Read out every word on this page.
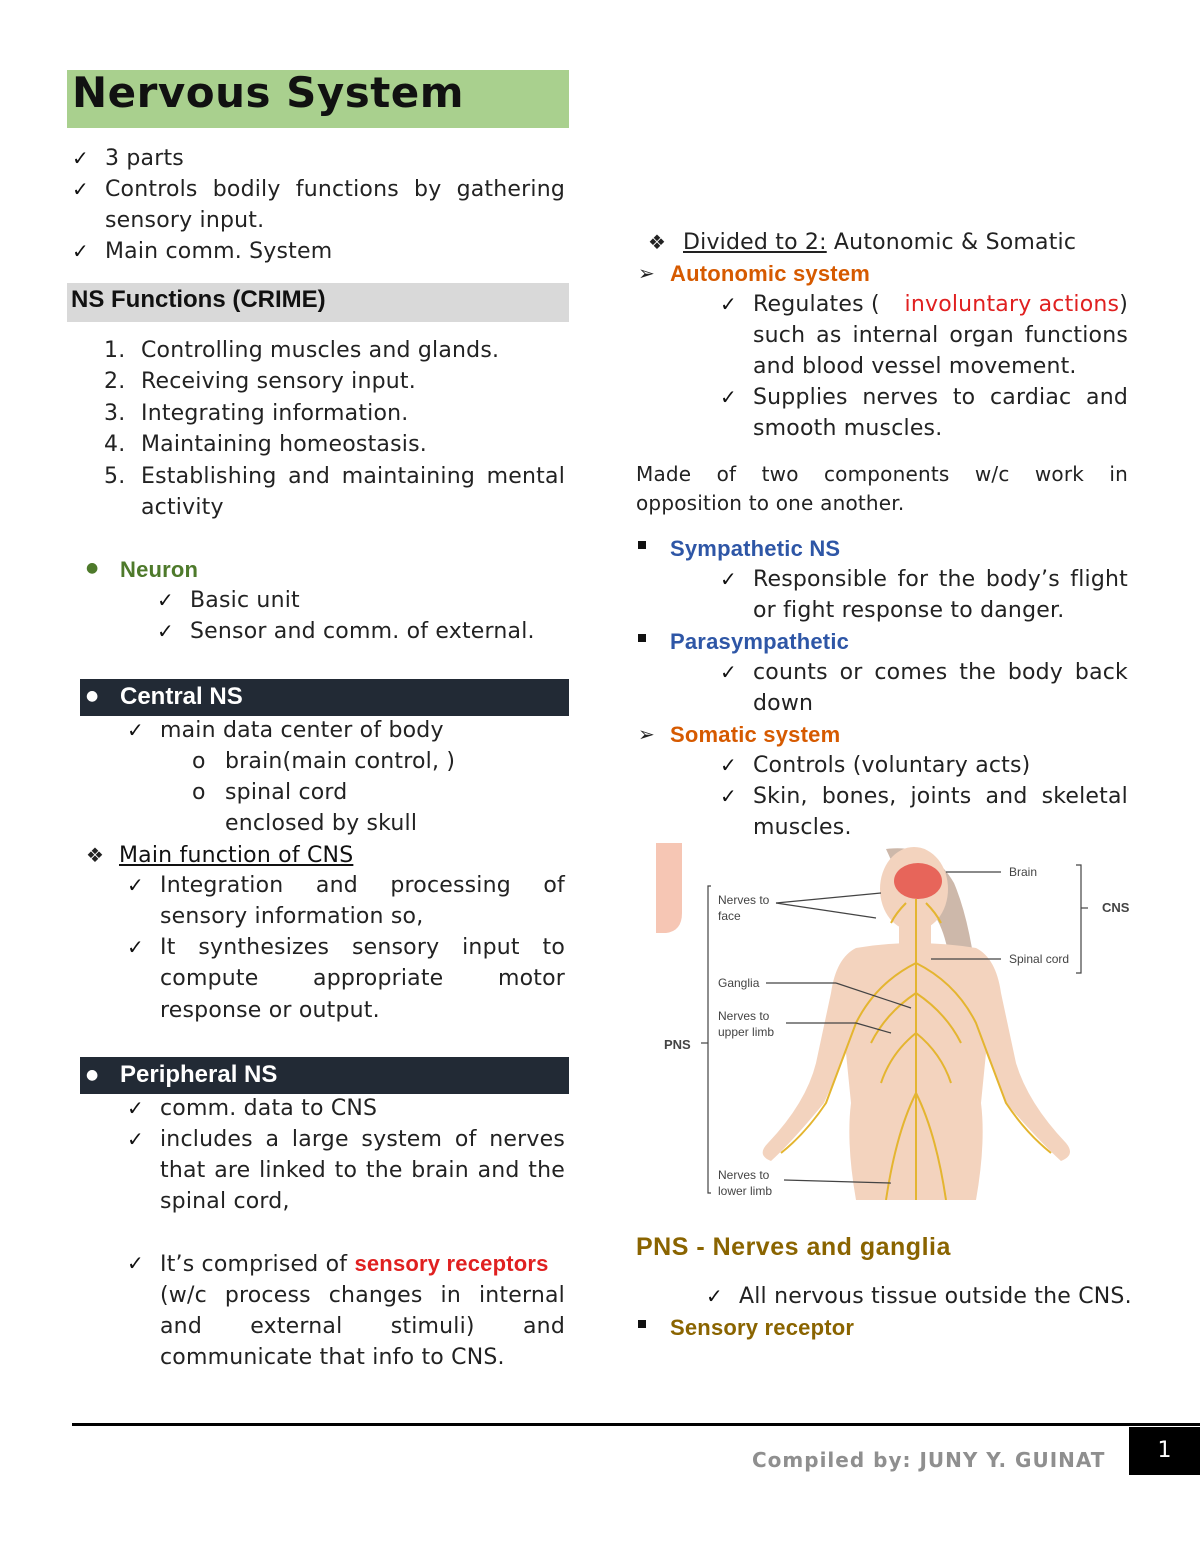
Nervous System
✓ 3 parts
✓ Controls bodily functions by gathering
sensory input.
✓ Main comm. System
NS Functions (CRIME)
1. Controlling muscles and glands.
2. Receiving sensory input.
3. Integrating information.
4. Maintaining homeostasis.
5. Establishing and maintaining mental
activity
● Neuron
✓ Basic unit
✓ Sensor and comm. of external.
● Central NS
✓ main data center of body
o brain(main control, )
o spinal cord
enclosed by skull
❖ Main function of CNS
✓ Integration and processing of
sensory information so,
✓ It synthesizes sensory input to
compute appropriate motor
response or output.
● Peripheral NS
✓ comm. data to CNS
✓ includes a large system of nerves
that are linked to the brain and the
spinal cord,
✓ It’s comprised of sensory receptors
(w/c process changes in internal
and external stimuli) and
communicate that info to CNS.
❖ Divided to 2: Autonomic & Somatic
➢ Autonomic system
✓ Regulates ( involuntary actions)
such as internal organ functions
and blood vessel movement.
✓ Supplies nerves to cardiac and
smooth muscles.
Made of two components w/c work in
opposition to one another.
Sympathetic NS
✓ Responsible for the body’s flight
or fight response to danger.
Parasympathetic
✓ counts or comes the body back
down
➢ Somatic system
✓ Controls (voluntary acts)
✓ Skin, bones, joints and skeletal
muscles.
Brain
CNS
Spinal cord
Nerves to
face
Ganglia
Nerves to
upper limb
PNS
Nerves to
lower limb
PNS - Nerves and ganglia
✓ All nervous tissue outside the CNS.
Sensory receptor
Compiled by: JUNY Y. GUINAT	1
